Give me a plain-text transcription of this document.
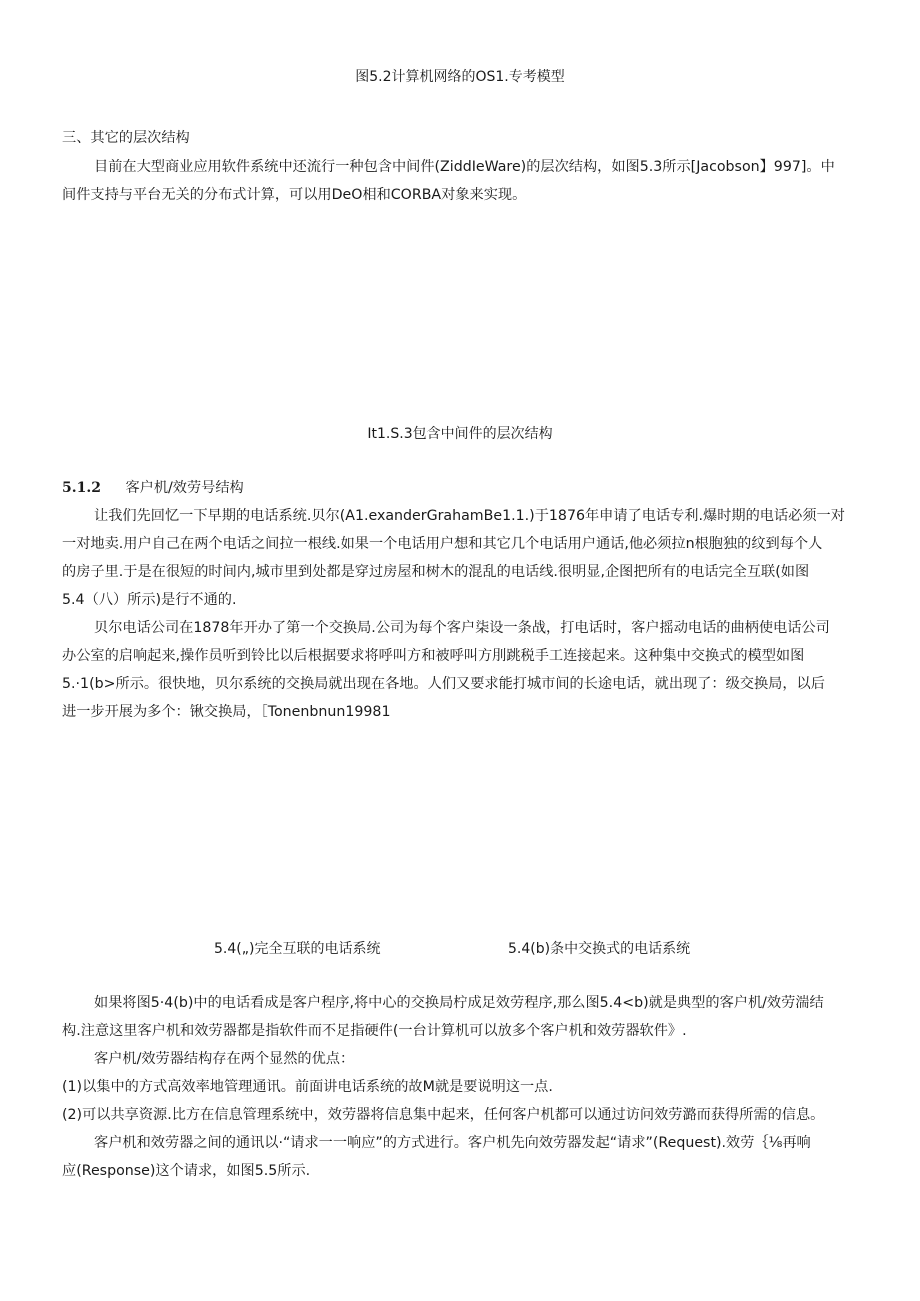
图5.2计算机网络的OS1.专考模型
三、其它的层次结构
目前在大型商业应用软件系统中还流行一种包含中间件(ZiddIeWare)的层次结构，如图5.3所示[Jacobson】997]。中
间件支持与平台无关的分布式计算，可以用DeO相和CORBA对象来实现。
It1.S.3包含中间件的层次结构
5.1.2 客户机/效劳号结构
让我们先回忆一下早期的电话系统.贝尔(A1.exanderGrahamBe1.1.)于1876年申请了电话专利.爆时期的电话必须一对
一对地卖.用户自己在两个电话之间拉一根线.如果一个电话用户想和其它几个电话用户通话,他必须拉n根胞独的纹到每个人
的房子里.于是在很短的时间内,城市里到处都是穿过房屋和树木的混乱的电话线.很明显,企图把所有的电话完全互联(如图
5.4（八）所示)是行不通的.
贝尔电话公司在1878年开办了第一个交换局.公司为每个客户柒设一条战，打电话时，客户摇动电话的曲柄使电话公司
办公室的启响起来,操作员听到铃比以后根据要求将呼叫方和被呼叫方刖跳税手工连接起来。这种集中交换式的模型如图
5.·1(b>所示。很快地，贝尔系统的交换局就出现在各地。人们又要求能打城市间的长途电话，就出现了：级交换局，以后
进一步开展为多个：锹交换局，［Tonenbnun19981
5.4(„)完全互联的电话系统	5.4(b)条中交换式的电话系统
如果将图5·4(b)中的电话看成是客户程序,将中心的交换局柠成足效劳程序,那么图5.4<b)就是典型的客户机/效劳湍结
构.注意这里客户机和效劳器都是指软件而不足指硬件(一台计算机可以放多个客户机和效劳器软件》.
客户机/效劳器结构存在两个显然的优点：
(1)以集中的方式高效率地管理通讯。前面讲电话系统的故M就是要说明这一点.
(2)可以共享资源.比方在信息管理系统中，效劳器将信息集中起来，任何客户机都可以通过访问效劳潞而获得所需的信息。
客户机和效劳器之间的通讯以·“请求一一响应”的方式进行。客户机先向效劳器发起“请求”(Request).效劳｛⅛再响
应(Response)这个请求，如图5.5所示.
